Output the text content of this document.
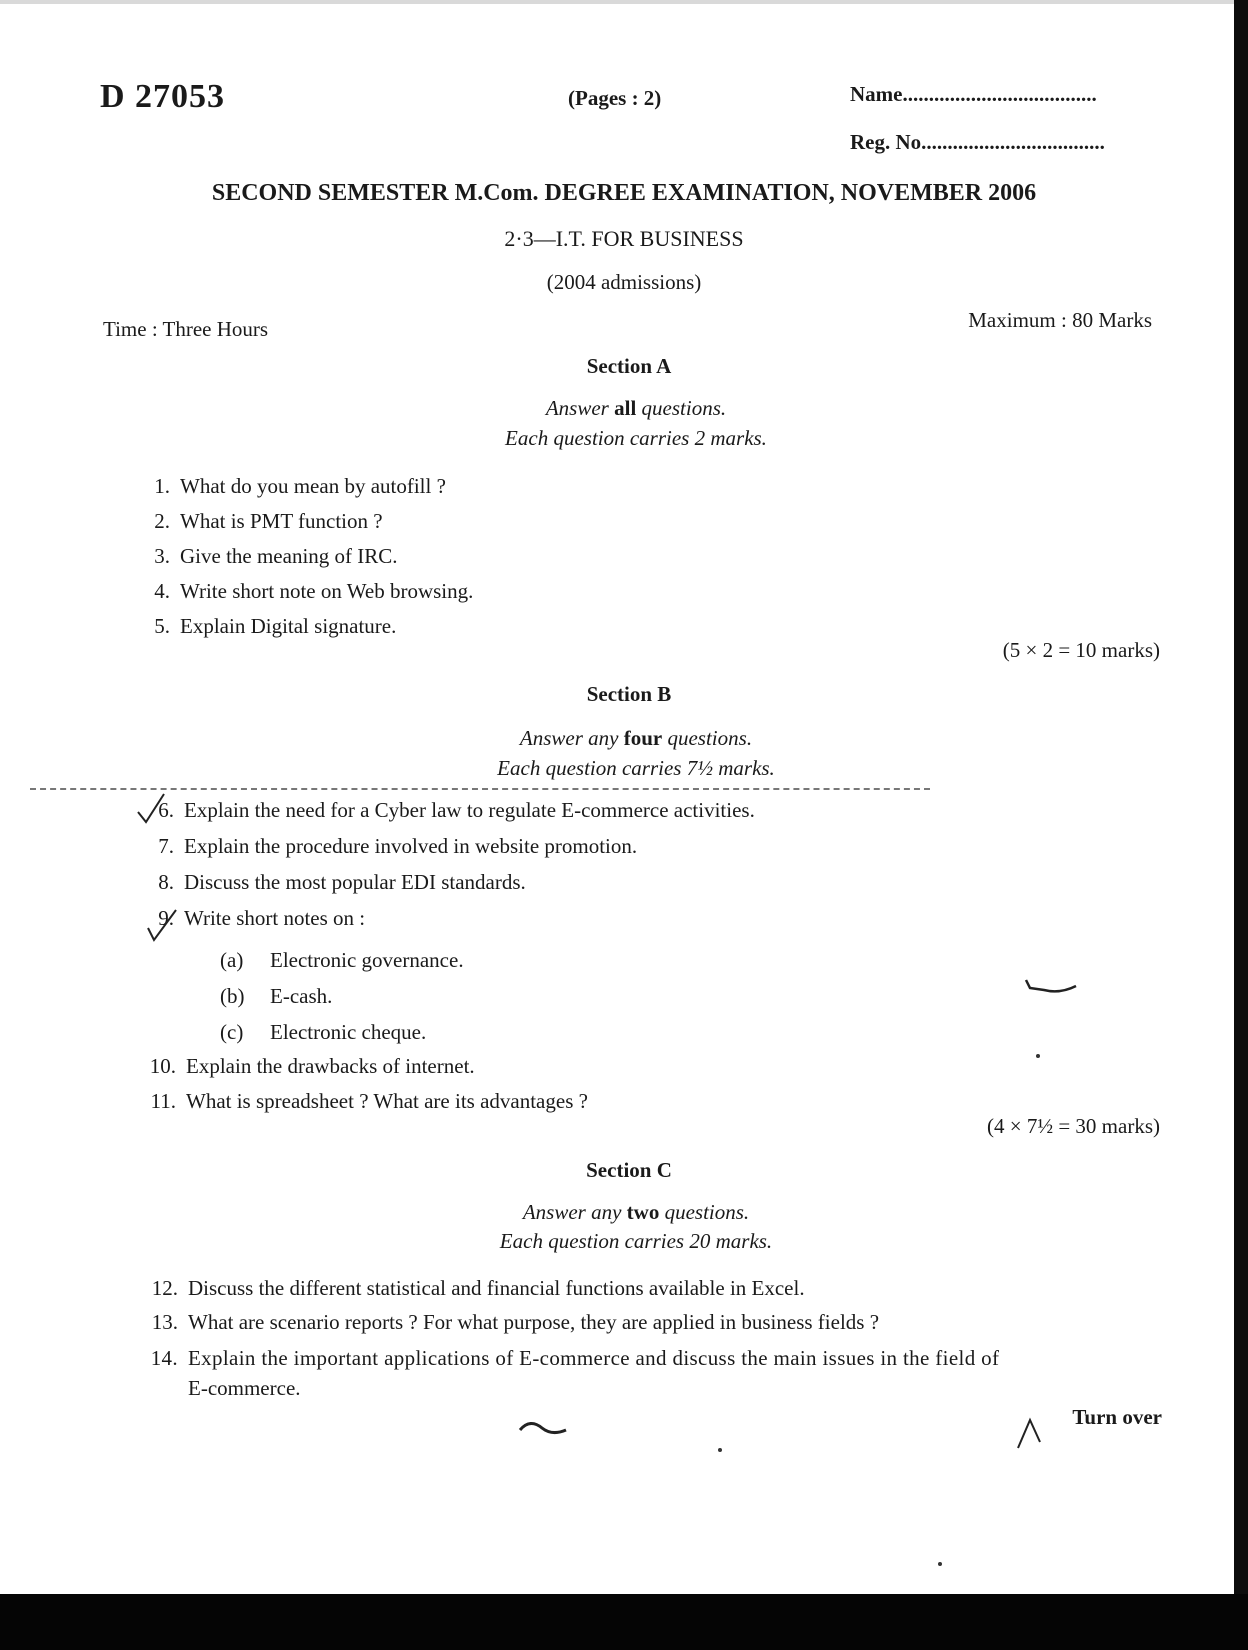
D 27053	(Pages : 2)	Name.....................................
Reg. No...................................
SECOND SEMESTER M.Com. DEGREE EXAMINATION, NOVEMBER 2006
2·3—I.T. FOR BUSINESS
(2004 admissions)
Time : Three Hours	Maximum : 80 Marks
Section A
Answer all questions.
Each question carries 2 marks.
1. What do you mean by autofill ?
2. What is PMT function ?
3. Give the meaning of IRC.
4. Write short note on Web browsing.
5. Explain Digital signature.
(5 × 2 = 10 marks)
Section B
Answer any four questions.
Each question carries 7½ marks.
6. Explain the need for a Cyber law to regulate E-commerce activities.
7. Explain the procedure involved in website promotion.
8. Discuss the most popular EDI standards.
9. Write short notes on :
(a) Electronic governance.
(b) E-cash.
(c) Electronic cheque.
10. Explain the drawbacks of internet.
11. What is spreadsheet ? What are its advantages ?
(4 × 7½ = 30 marks)
Section C
Answer any two questions.
Each question carries 20 marks.
12. Discuss the different statistical and financial functions available in Excel.
13. What are scenario reports ? For what purpose, they are applied in business fields ?
14. Explain the important applications of E-commerce and discuss the main issues in the field of
E-commerce.
Turn over
